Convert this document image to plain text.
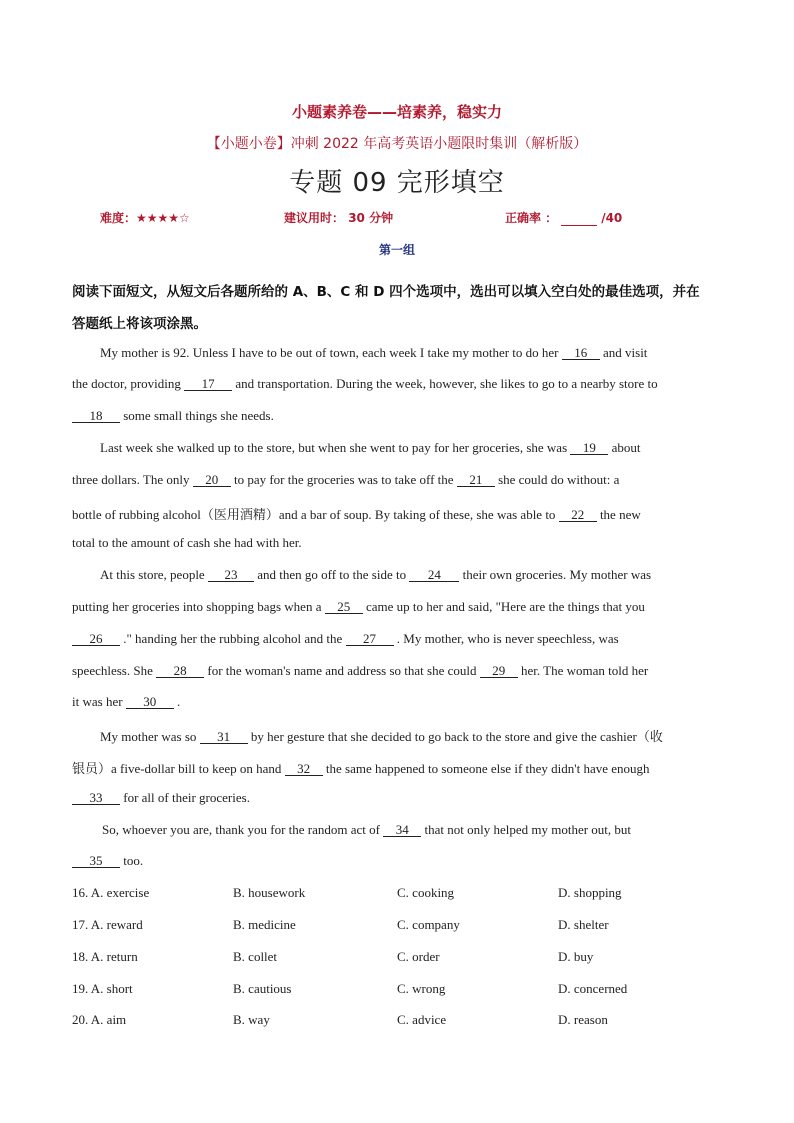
小题素养卷——培素养，稳实力
【小题小卷】冲刺 2022 年高考英语小题限时集训（解析版）
专题 09 完形填空
难度：★★★★☆	建议用时： 30 分钟	正确率 ：	/40
第一组
阅读下面短文，从短文后各题所给的 A、B、C 和 D 四个选项中，选出可以填入空白处的最佳选项，并在
答题纸上将该项涂黑。
My mother is 92. Unless I have to be out of town, each week I take my mother to do her 16 and visit
the doctor, providing 17 and transportation. During the week, however, she likes to go to a nearby store to
18 some small things she needs.
Last week she walked up to the store, but when she went to pay for her groceries, she was 19 about
three dollars. The only 20 to pay for the groceries was to take off the 21 she could do without: a
bottle of rubbing alcohol（医用酒精）and a bar of soup. By taking of these, she was able to 22 the new
total to the amount of cash she had with her.
At this store, people 23 and then go off to the side to 24 their own groceries. My mother was
putting her groceries into shopping bags when a 25 came up to her and said, "Here are the things that you
26 ." handing her the rubbing alcohol and the 27 . My mother, who is never speechless, was
speechless. She 28 for the woman's name and address so that she could 29 her. The woman told her
it was her 30 .
My mother was so 31 by her gesture that she decided to go back to the store and give the cashier（收
银员）a five-dollar bill to keep on hand 32 the same happened to someone else if they didn't have enough
33 for all of their groceries.
So, whoever you are, thank you for the random act of 34 that not only helped my mother out, but
35 too.
16. A. exercise	B. housework	C. cooking	D. shopping
17. A. reward	B. medicine	C. company	D. shelter
18. A. return	B. collet	C. order	D. buy
19. A. short	B. cautious	C. wrong	D. concerned
20. A. aim	B. way	C. advice	D. reason
